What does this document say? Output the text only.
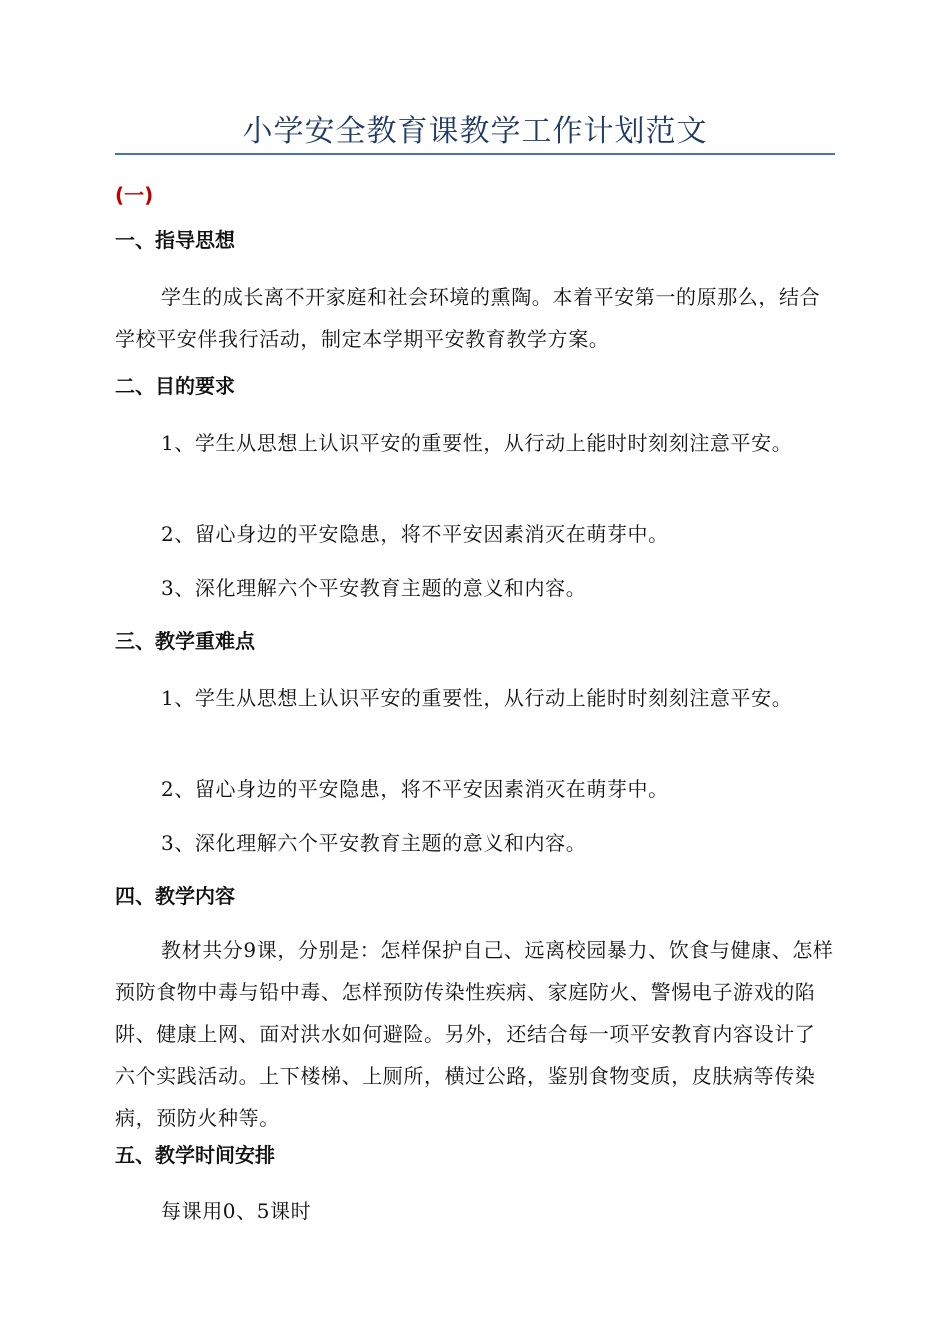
小学安全教育课教学工作计划范文
(一)
一、指导思想
学生的成长离不开家庭和社会环境的熏陶。本着平安第一的原那么，结合学校平安伴我行活动，制定本学期平安教育教学方案。
二、目的要求
1、学生从思想上认识平安的重要性，从行动上能时时刻刻注意平安。
2、留心身边的平安隐患，将不平安因素消灭在萌芽中。
3、深化理解六个平安教育主题的意义和内容。
三、教学重难点
1、学生从思想上认识平安的重要性，从行动上能时时刻刻注意平安。
2、留心身边的平安隐患，将不平安因素消灭在萌芽中。
3、深化理解六个平安教育主题的意义和内容。
四、教学内容
教材共分9课，分别是：怎样保护自己、远离校园暴力、饮食与健康、怎样预防食物中毒与铅中毒、怎样预防传染性疾病、家庭防火、警惕电子游戏的陷阱、健康上网、面对洪水如何避险。另外，还结合每一项平安教育内容设计了六个实践活动。上下楼梯、上厕所，横过公路，鉴别食物变质，皮肤病等传染病，预防火种等。
五、教学时间安排
每课用0、5课时
